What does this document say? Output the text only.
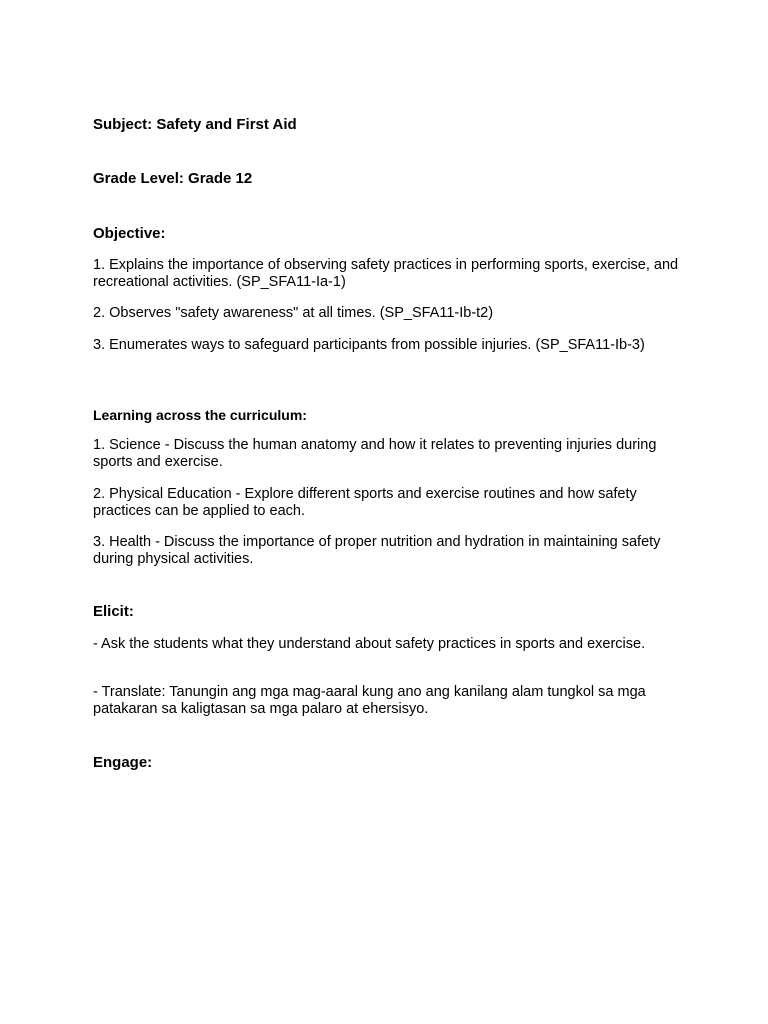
Subject: Safety and First Aid

Grade Level: Grade 12

Objective:

1. Explains the importance of observing safety practices in performing sports, exercise, and recreational activities. (SP_SFA11-Ia-1)

2. Observes "safety awareness" at all times. (SP_SFA11-Ib-t2)

3. Enumerates ways to safeguard participants from possible injuries. (SP_SFA11-Ib-3)

Learning across the curriculum:

1. Science - Discuss the human anatomy and how it relates to preventing injuries during sports and exercise.

2. Physical Education - Explore different sports and exercise routines and how safety practices can be applied to each.

3. Health - Discuss the importance of proper nutrition and hydration in maintaining safety during physical activities.

Elicit:

- Ask the students what they understand about safety practices in sports and exercise.

- Translate: Tanungin ang mga mag-aaral kung ano ang kanilang alam tungkol sa mga patakaran sa kaligtasan sa mga palaro at ehersisyo.

Engage:
